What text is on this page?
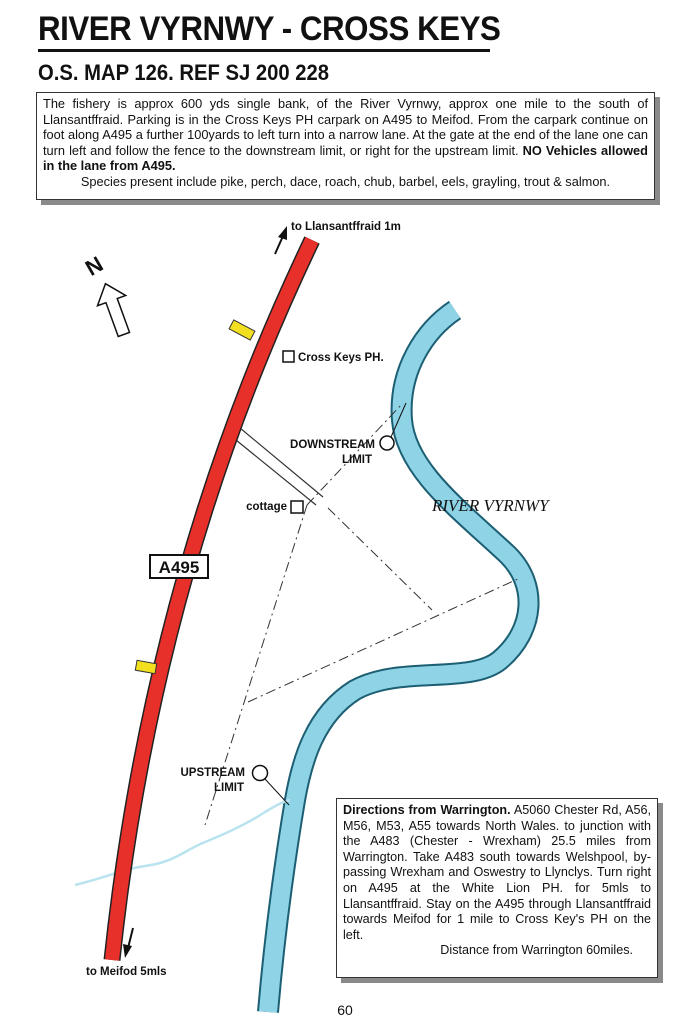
RIVER VYRNWY - CROSS KEYS
O.S. MAP 126. REF SJ 200 228
The fishery is approx 600 yds single bank, of the River Vyrnwy, approx one mile to the south of Llansantffraid. Parking is in the Cross Keys PH carpark on A495 to Meifod. From the carpark continue on foot along A495 a further 100yards to left turn into a narrow lane. At the gate at the end of the lane one can turn left and follow the fence to the downstream limit, or right for the upstream limit. NO Vehicles allowed in the lane from A495.
Species present include pike, perch, dace, roach, chub, barbel, eels, grayling, trout & salmon.
N
to Llansantffraid 1m
to Meifod 5mls
A495
Cross Keys PH.
cottage
DOWNSTREAM
LIMIT
UPSTREAM
LIMIT
RIVER VYRNWY
Directions from Warrington. A5060 Chester Rd, A56, M56, M53, A55 towards North Wales. to junction with the A483 (Chester - Wrexham) 25.5 miles from Warrington. Take A483 south towards Welshpool, by-passing Wrexham and Oswestry to Llynclys. Turn right on A495 at the White Lion PH. for 5mls to Llansantffraid. Stay on the A495 through Llansantffraid towards Meifod for 1 mile to Cross Key's PH on the left.
Distance from Warrington 60miles.
60
